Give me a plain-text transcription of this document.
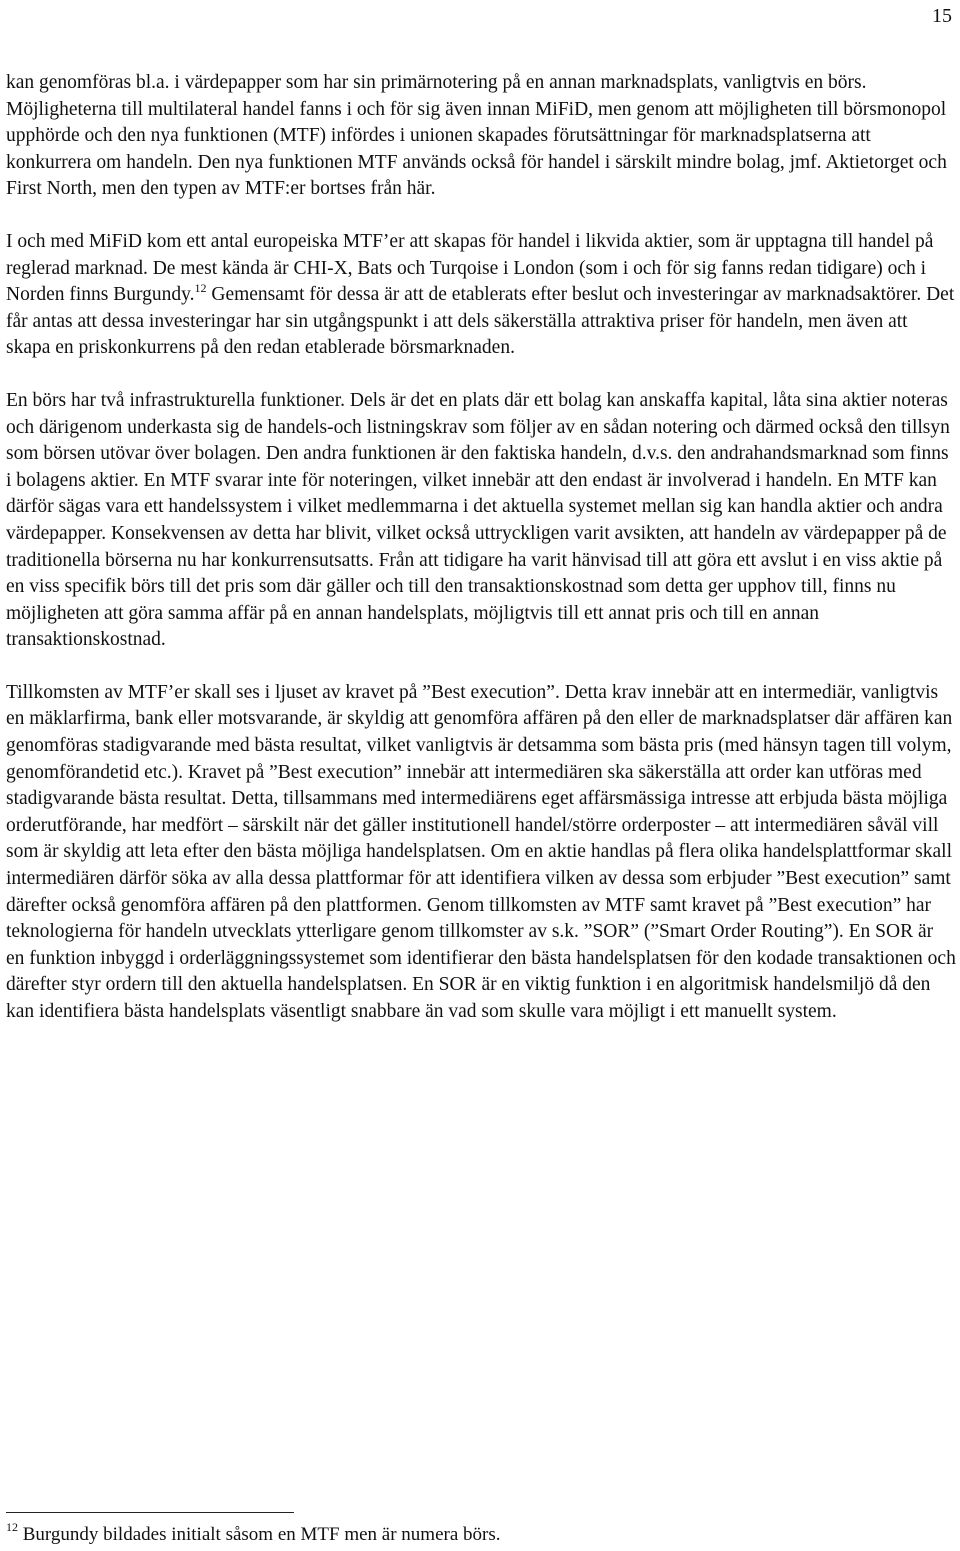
15

kan genomföras bl.a. i värdepapper som har sin primärnotering på en annan marknadsplats, vanligtvis en börs. Möjligheterna till multilateral handel fanns i och för sig även innan MiFiD, men genom att möjligheten till börsmonopol upphörde och den nya funktionen (MTF) infördes i unionen skapades förutsättningar för marknadsplatserna att konkurrera om handeln. Den nya funktionen MTF används också för handel i särskilt mindre bolag, jmf. Aktietorget och First North, men den typen av MTF:er bortses från här.

I och med MiFiD kom ett antal europeiska MTF’er att skapas för handel i likvida aktier, som är upptagna till handel på reglerad marknad. De mest kända är CHI-X, Bats och Turqoise i London (som i och för sig fanns redan tidigare) och i Norden finns Burgundy.$^{12}$ Gemensamt för dessa är att de etablerats efter beslut och investeringar av marknadsaktörer. Det får antas att dessa investeringar har sin utgångspunkt i att dels säkerställa attraktiva priser för handeln, men även att skapa en priskonkurrens på den redan etablerade börsmarknaden.

En börs har två infrastrukturella funktioner. Dels är det en plats där ett bolag kan anskaffa kapital, låta sina aktier noteras och därigenom underkasta sig de handels-och listningskrav som följer av en sådan notering och därmed också den tillsyn som börsen utövar över bolagen. Den andra funktionen är den faktiska handeln, d.v.s. den andrahandsmarknad som finns i bolagens aktier. En MTF svarar inte för noteringen, vilket innebär att den endast är involverad i handeln. En MTF kan därför sägas vara ett handelssystem i vilket medlemmarna i det aktuella systemet mellan sig kan handla aktier och andra värdepapper. Konsekvensen av detta har blivit, vilket också uttryckligen varit avsikten, att handeln av värdepapper på de traditionella börserna nu har konkurrensutsatts. Från att tidigare ha varit hänvisad till att göra ett avslut i en viss aktie på en viss specifik börs till det pris som där gäller och till den transaktionskostnad som detta ger upphov till, finns nu möjligheten att göra samma affär på en annan handelsplats, möjligtvis till ett annat pris och till en annan transaktionskostnad.

Tillkomsten av MTF’er skall ses i ljuset av kravet på ”Best execution”. Detta krav innebär att en intermediär, vanligtvis en mäklarfirma, bank eller motsvarande, är skyldig att genomföra affären på den eller de marknadsplatser där affären kan genomföras stadigvarande med bästa resultat, vilket vanligtvis är detsamma som bästa pris (med hänsyn tagen till volym, genomförandetid etc.). Kravet på ”Best execution” innebär att intermediären ska säkerställa att order kan utföras med stadigvarande bästa resultat. Detta, tillsammans med intermediärens eget affärsmässiga intresse att erbjuda bästa möjliga orderutförande, har medfört – särskilt när det gäller institutionell handel/större orderposter – att intermediären såväl vill som är skyldig att leta efter den bästa möjliga handelsplatsen. Om en aktie handlas på flera olika handelsplattformar skall intermediären därför söka av alla dessa plattformar för att identifiera vilken av dessa som erbjuder ”Best execution” samt därefter också genomföra affären på den plattformen. Genom tillkomsten av MTF samt kravet på ”Best execution” har teknologierna för handeln utvecklats ytterligare genom tillkomster av s.k. ”SOR” (”Smart Order Routing”). En SOR är en funktion inbyggd i orderläggningssystemet som identifierar den bästa handelsplatsen för den kodade transaktionen och därefter styr ordern till den aktuella handelsplatsen. En SOR är en viktig funktion i en algoritmisk handelsmiljö då den kan identifiera bästa handelsplats väsentligt snabbare än vad som skulle vara möjligt i ett manuellt system.

$^{12}$ Burgundy bildades initialt såsom en MTF men är numera börs.
